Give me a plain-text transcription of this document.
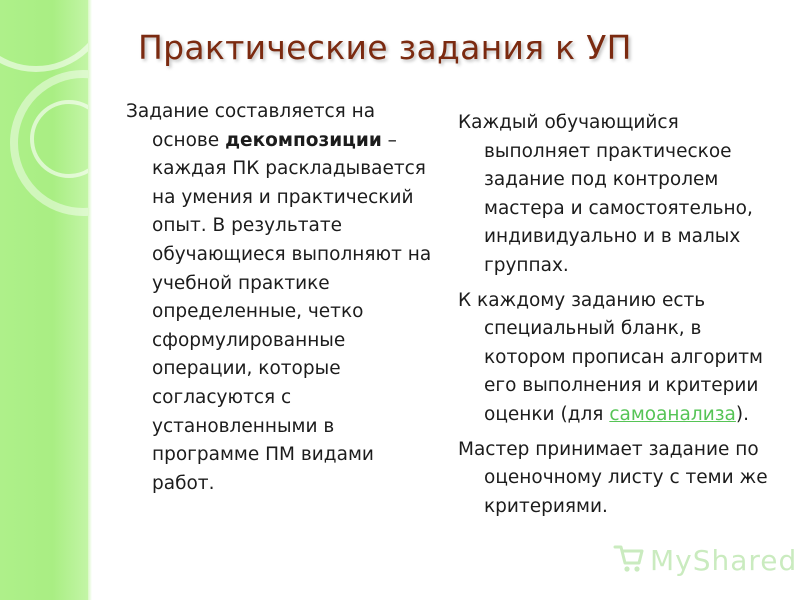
Практические задания к УП

Задание составляется на основе декомпозиции – каждая ПК раскладывается на умения и практический опыт. В результате обучающиеся выполняют на учебной практике определенные, четко сформулированные операции, которые согласуются с установленными в программе ПМ видами работ.

Каждый обучающийся выполняет практическое задание под контролем мастера и самостоятельно, индивидуально и в малых группах.

К каждому заданию есть специальный бланк, в котором прописан алгоритм его выполнения и критерии оценки (для самоанализа).

Мастер принимает задание по оценочному листу с теми же критериями.

MyShared
